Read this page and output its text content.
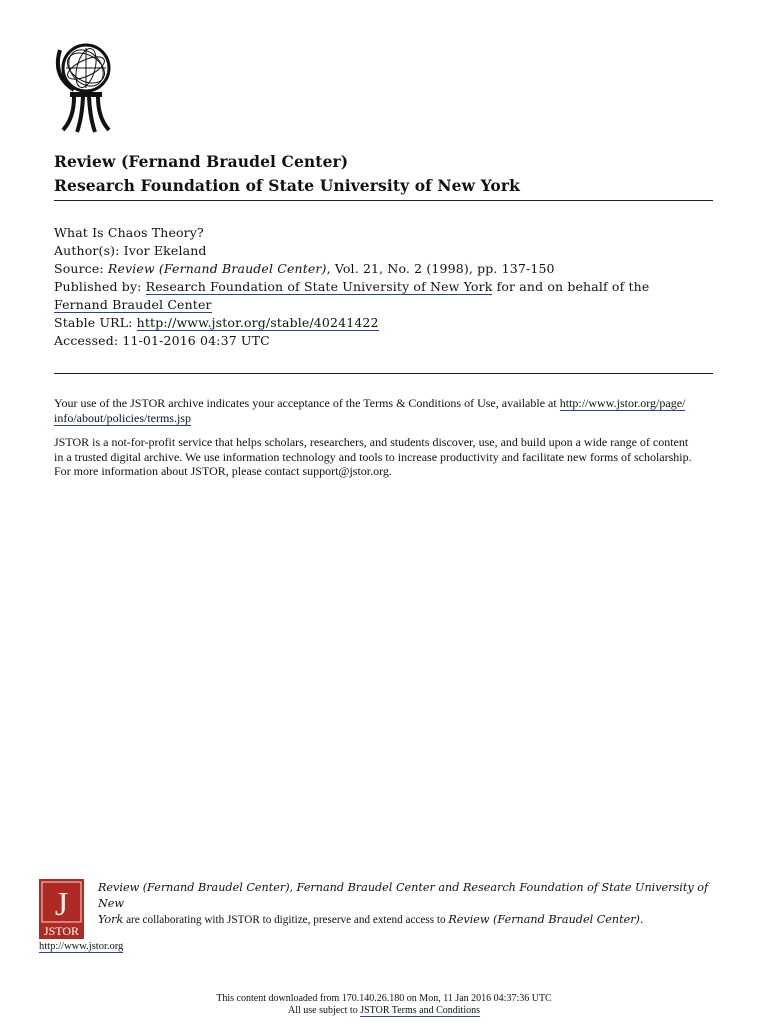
Review (Fernand Braudel Center)
Research Foundation of State University of New York
What Is Chaos Theory?
Author(s): Ivor Ekeland
Source: Review (Fernand Braudel Center), Vol. 21, No. 2 (1998), pp. 137-150
Published by: Research Foundation of State University of New York for and on behalf of the
Fernand Braudel Center
Stable URL: http://www.jstor.org/stable/40241422
Accessed: 11-01-2016 04:37 UTC

Your use of the JSTOR archive indicates your acceptance of the Terms & Conditions of Use, available at http://www.jstor.org/page/
info/about/policies/terms.jsp

JSTOR is a not-for-profit service that helps scholars, researchers, and students discover, use, and build upon a wide range of content
in a trusted digital archive. We use information technology and tools to increase productivity and facilitate new forms of scholarship.
For more information about JSTOR, please contact support@jstor.org.

J
JSTOR
Review (Fernand Braudel Center), Fernand Braudel Center and Research Foundation of State University of New
York are collaborating with JSTOR to digitize, preserve and extend access to Review (Fernand Braudel Center).
http://www.jstor.org
This content downloaded from 170.140.26.180 on Mon, 11 Jan 2016 04:37:36 UTC
All use subject to JSTOR Terms and Conditions
